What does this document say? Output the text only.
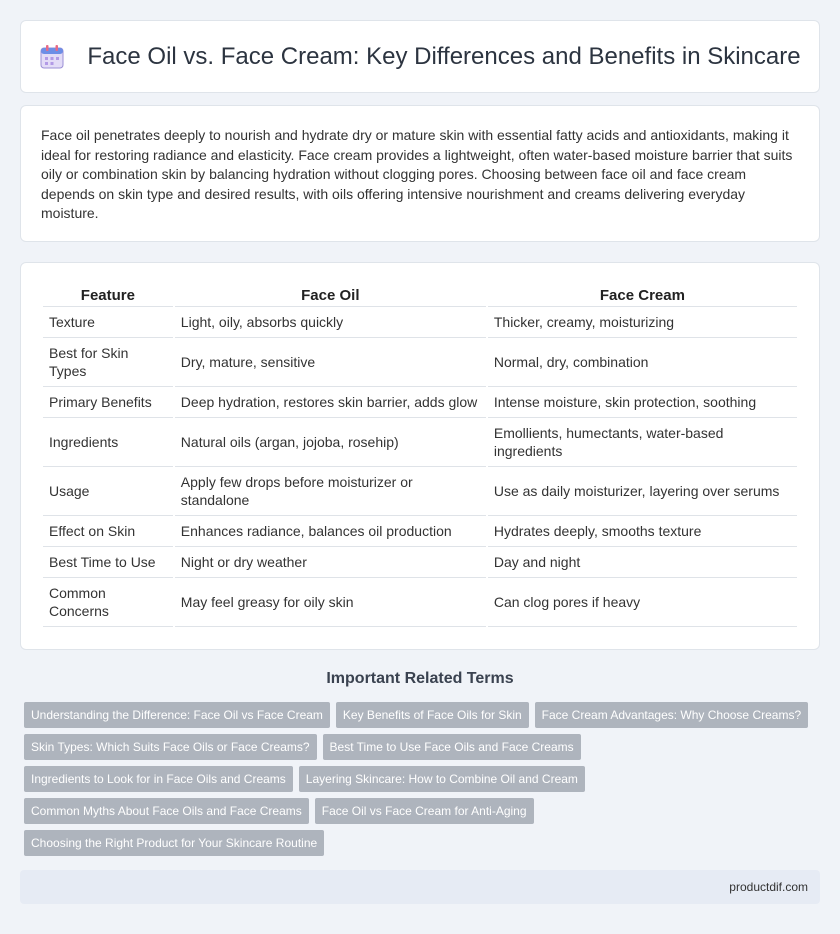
Face Oil vs. Face Cream: Key Differences and Benefits in Skincare

Face oil penetrates deeply to nourish and hydrate dry or mature skin with essential fatty acids and antioxidants, making it ideal for restoring radiance and elasticity. Face cream provides a lightweight, often water-based moisture barrier that suits oily or combination skin by balancing hydration without clogging pores. Choosing between face oil and face cream depends on skin type and desired results, with oils offering intensive nourishment and creams delivering everyday moisture.

Feature	Face Oil	Face Cream
Texture	Light, oily, absorbs quickly	Thicker, creamy, moisturizing
Best for Skin Types	Dry, mature, sensitive	Normal, dry, combination
Primary Benefits	Deep hydration, restores skin barrier, adds glow	Intense moisture, skin protection, soothing
Ingredients	Natural oils (argan, jojoba, rosehip)	Emollients, humectants, water-based ingredients
Usage	Apply few drops before moisturizer or standalone	Use as daily moisturizer, layering over serums
Effect on Skin	Enhances radiance, balances oil production	Hydrates deeply, smooths texture
Best Time to Use	Night or dry weather	Day and night
Common Concerns	May feel greasy for oily skin	Can clog pores if heavy
Important Related Terms
Understanding the Difference: Face Oil vs Face Cream	Key Benefits of Face Oils for Skin	Face Cream Advantages: Why Choose Creams?
Skin Types: Which Suits Face Oils or Face Creams?	Best Time to Use Face Oils and Face Creams
Ingredients to Look for in Face Oils and Creams	Layering Skincare: How to Combine Oil and Cream
Common Myths About Face Oils and Face Creams	Face Oil vs Face Cream for Anti-Aging
Choosing the Right Product for Your Skincare Routine
productdif.com
